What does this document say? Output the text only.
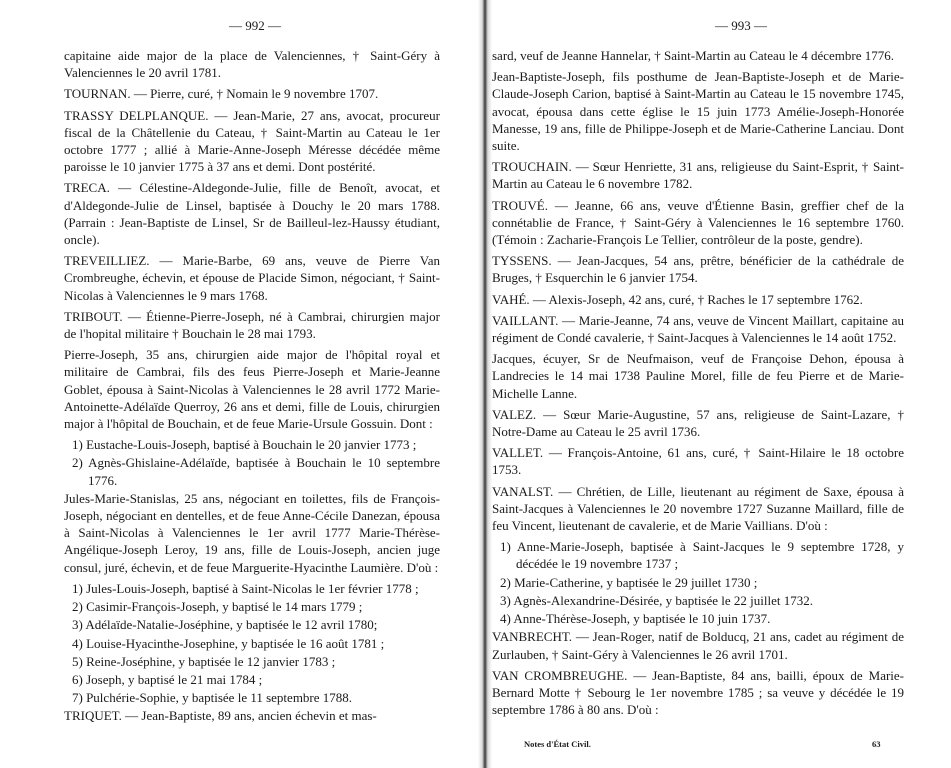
— 992 —

capitaine aide major de la place de Valenciennes, † Saint-Géry à Valenciennes le 20 avril 1781.

TOURNAN. — Pierre, curé, † Nomain le 9 novembre 1707.

TRASSY DELPLANQUE. — Jean-Marie, 27 ans, avocat, procureur fiscal de la Châtellenie du Cateau, † Saint-Martin au Cateau le 1er octobre 1777 ; allié à Marie-Anne-Joseph Méresse décédée même paroisse le 10 janvier 1775 à 37 ans et demi. Dont postérité.

TRECA. — Célestine-Aldegonde-Julie, fille de Benoît, avocat, et d'Aldegonde-Julie de Linsel, baptisée à Douchy le 20 mars 1788. (Parrain : Jean-Baptiste de Linsel, Sr de Bailleul-lez-Haussy étudiant, oncle).

TREVEILLIEZ. — Marie-Barbe, 69 ans, veuve de Pierre Van Crombreughe, échevin, et épouse de Placide Simon, négociant, † Saint-Nicolas à Valenciennes le 9 mars 1768.

TRIBOUT. — Étienne-Pierre-Joseph, né à Cambrai, chirurgien major de l'hopital militaire † Bouchain le 28 mai 1793.

Pierre-Joseph, 35 ans, chirurgien aide major de l'hôpital royal et militaire de Cambrai, fils des feus Pierre-Joseph et Marie-Jeanne Goblet, épousa à Saint-Nicolas à Valenciennes le 28 avril 1772 Marie-Antoinette-Adélaïde Querroy, 26 ans et demi, fille de Louis, chirurgien major à l'hôpital de Bouchain, et de feue Marie-Ursule Gossuin. Dont :

1) Eustache-Louis-Joseph, baptisé à Bouchain le 20 janvier 1773 ;

2) Agnès-Ghislaine-Adélaïde, baptisée à Bouchain le 10 septembre 1776.

Jules-Marie-Stanislas, 25 ans, négociant en toilettes, fils de François-Joseph, négociant en dentelles, et de feue Anne-Cécile Danezan, épousa à Saint-Nicolas à Valenciennes le 1er avril 1777 Marie-Thérèse-Angélique-Joseph Leroy, 19 ans, fille de Louis-Joseph, ancien juge consul, juré, échevin, et de feue Marguerite-Hyacinthe Laumière. D'où :

1) Jules-Louis-Joseph, baptisé à Saint-Nicolas le 1er février 1778 ;

2) Casimir-François-Joseph, y baptisé le 14 mars 1779 ;

3) Adélaïde-Natalie-Joséphine, y baptisée le 12 avril 1780;

4) Louise-Hyacinthe-Josephine, y baptisée le 16 août 1781 ;

5) Reine-Joséphine, y baptisée le 12 janvier 1783 ;

6) Joseph, y baptisé le 21 mai 1784 ;

7) Pulchérie-Sophie, y baptisée le 11 septembre 1788.

TRIQUET. — Jean-Baptiste, 89 ans, ancien échevin et mas-

— 993 —

sard, veuf de Jeanne Hannelar, † Saint-Martin au Cateau le 4 décembre 1776.

Jean-Baptiste-Joseph, fils posthume de Jean-Baptiste-Joseph et de Marie-Claude-Joseph Carion, baptisé à Saint-Martin au Cateau le 15 novembre 1745, avocat, épousa dans cette église le 15 juin 1773 Amélie-Joseph-Honorée Manesse, 19 ans, fille de Philippe-Joseph et de Marie-Catherine Lanciau. Dont suite.

TROUCHAIN. — Sœur Henriette, 31 ans, religieuse du Saint-Esprit, † Saint-Martin au Cateau le 6 novembre 1782.

TROUVÉ. — Jeanne, 66 ans, veuve d'Étienne Basin, greffier chef de la connétablie de France, † Saint-Géry à Valenciennes le 16 septembre 1760. (Témoin : Zacharie-François Le Tellier, contrôleur de la poste, gendre).

TYSSENS. — Jean-Jacques, 54 ans, prêtre, bénéficier de la cathédrale de Bruges, † Esquerchin le 6 janvier 1754.

VAHÉ. — Alexis-Joseph, 42 ans, curé, † Raches le 17 septembre 1762.

VAILLANT. — Marie-Jeanne, 74 ans, veuve de Vincent Maillart, capitaine au régiment de Condé cavalerie, † Saint-Jacques à Valenciennes le 14 août 1752.

Jacques, écuyer, Sr de Neufmaison, veuf de Françoise Dehon, épousa à Landrecies le 14 mai 1738 Pauline Morel, fille de feu Pierre et de Marie-Michelle Lanne.

VALEZ. — Sœur Marie-Augustine, 57 ans, religieuse de Saint-Lazare, † Notre-Dame au Cateau le 25 avril 1736.

VALLET. — François-Antoine, 61 ans, curé, † Saint-Hilaire le 18 octobre 1753.

VANALST. — Chrétien, de Lille, lieutenant au régiment de Saxe, épousa à Saint-Jacques à Valenciennes le 20 novembre 1727 Suzanne Maillard, fille de feu Vincent, lieutenant de cavalerie, et de Marie Vaillians. D'où :

1) Anne-Marie-Joseph, baptisée à Saint-Jacques le 9 septembre 1728, y décédée le 19 novembre 1737 ;

2) Marie-Catherine, y baptisée le 29 juillet 1730 ;

3) Agnès-Alexandrine-Désirée, y baptisée le 22 juillet 1732.

4) Anne-Thérèse-Joseph, y baptisée le 10 juin 1737.

VANBRECHT. — Jean-Roger, natif de Bolducq, 21 ans, cadet au régiment de Zurlauben, † Saint-Géry à Valenciennes le 26 avril 1701.

VAN CROMBREUGHE. — Jean-Baptiste, 84 ans, bailli, époux de Marie-Bernard Motte † Sebourg le 1er novembre 1785 ; sa veuve y décédée le 19 septembre 1786 à 80 ans. D'où :

Notes d'État Civil.	63
